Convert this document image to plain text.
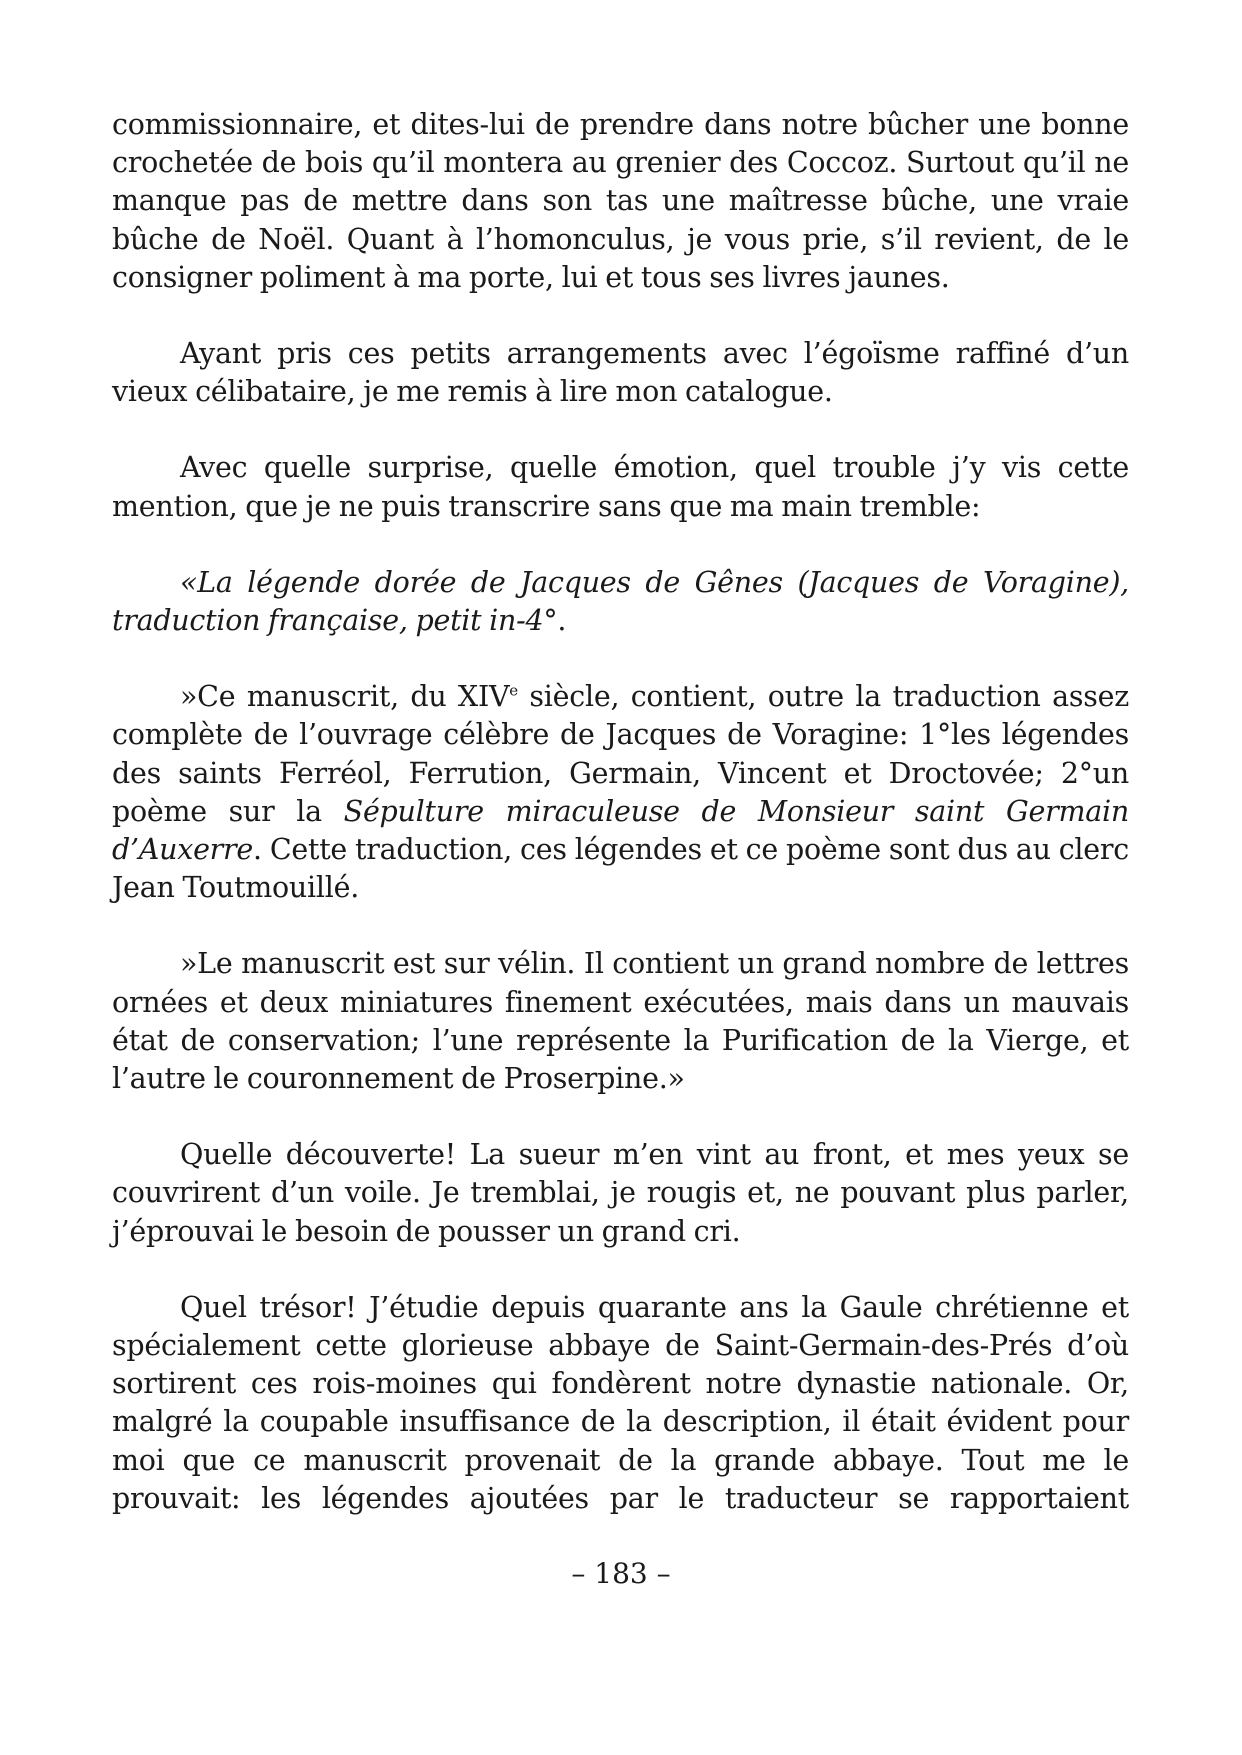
commissionnaire, et dites-lui de prendre dans notre bûcher une bonne crochetée de bois qu’il montera au grenier des Coccoz. Surtout qu’il ne manque pas de mettre dans son tas une maîtresse bûche, une vraie bûche de Noël. Quant à l’homonculus, je vous prie, s’il revient, de le consigner poliment à ma porte, lui et tous ses livres jaunes.

Ayant pris ces petits arrangements avec l’égoïsme raffiné d’un vieux célibataire, je me remis à lire mon catalogue.

Avec quelle surprise, quelle émotion, quel trouble j’y vis cette mention, que je ne puis transcrire sans que ma main tremble:

«La légende dorée de Jacques de Gênes (Jacques de Voragine), traduction française, petit in-4°.

»Ce manuscrit, du XIVe siècle, contient, outre la traduction assez complète de l’ouvrage célèbre de Jacques de Voragine: 1°les légendes des saints Ferréol, Ferrution, Germain, Vincent et Droctovée; 2°un poème sur la Sépulture miraculeuse de Monsieur saint Germain d’Auxerre. Cette traduction, ces légendes et ce poème sont dus au clerc Jean Toutmouillé.

»Le manuscrit est sur vélin. Il contient un grand nombre de lettres ornées et deux miniatures finement exécutées, mais dans un mauvais état de conservation; l’une représente la Purification de la Vierge, et l’autre le couronnement de Proserpine.»

Quelle découverte! La sueur m’en vint au front, et mes yeux se couvrirent d’un voile. Je tremblai, je rougis et, ne pouvant plus parler, j’éprouvai le besoin de pousser un grand cri.

Quel trésor! J’étudie depuis quarante ans la Gaule chrétienne et spécialement cette glorieuse abbaye de Saint-Germain-des-Prés d’où sortirent ces rois-moines qui fondèrent notre dynastie nationale. Or, malgré la coupable insuffisance de la description, il était évident pour moi que ce manuscrit provenait de la grande abbaye. Tout me le prouvait: les légendes ajoutées par le traducteur se rapportaient

– 183 –
